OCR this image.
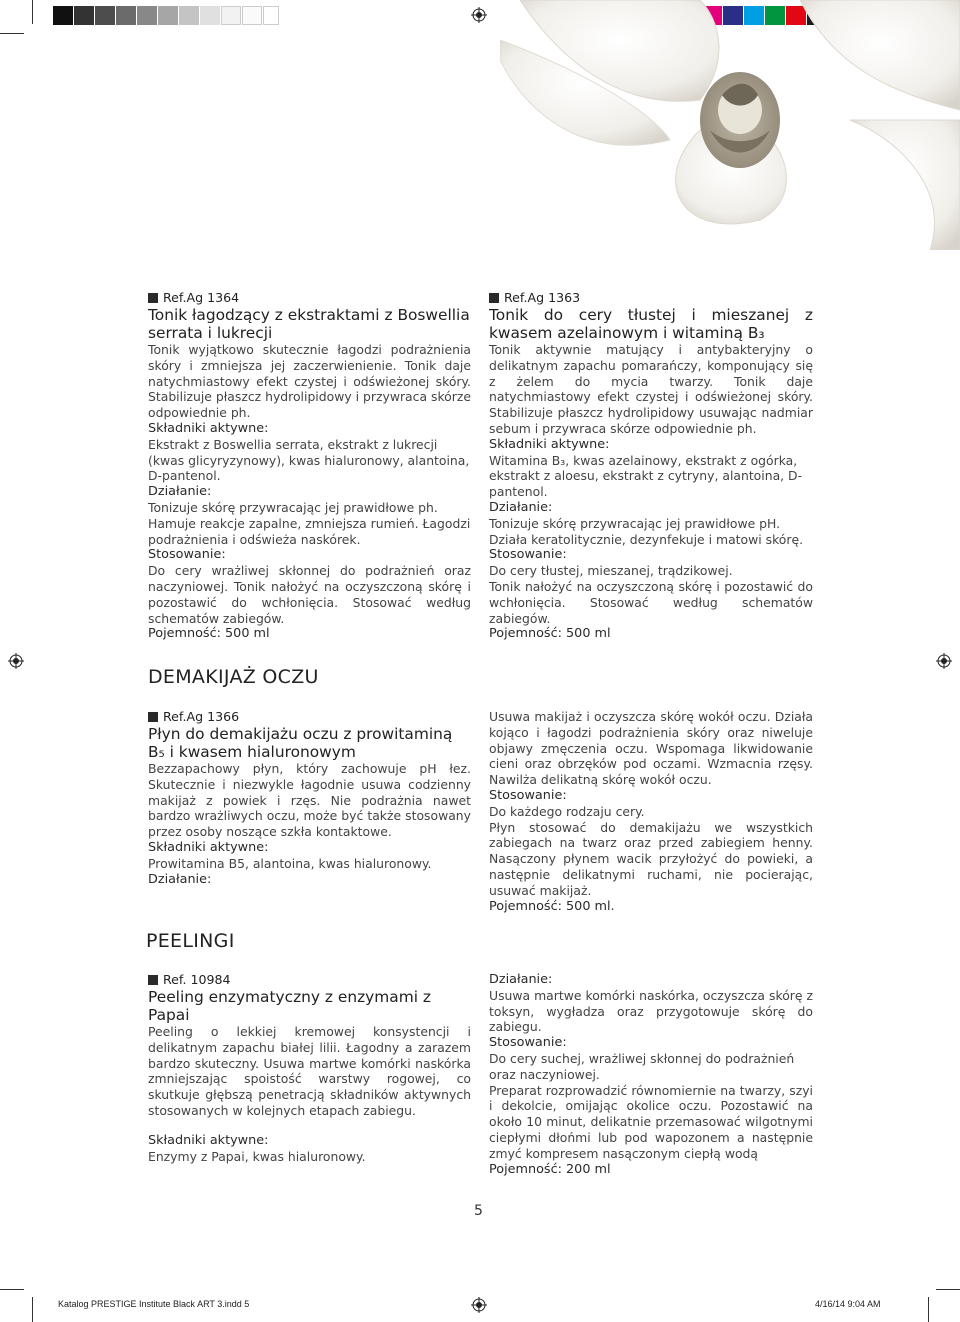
Ref.Ag 1364

Tonik łagodzący z ekstraktami z Boswellia serrata i lukrecji

Tonik wyjątkowo skutecznie łagodzi podrażnienia skóry i zmniejsza jej zaczerwienienie. Tonik daje natychmiastowy efekt czystej i odświeżonej skóry. Stabilizuje płaszcz hydrolipidowy i przywraca skórze odpowiednie ph.

Składniki aktywne:

Ekstrakt z Boswellia serrata, ekstrakt z lukrecji (kwas glicyryzynowy), kwas hialuronowy, alantoina, D-pantenol.

Działanie:

Tonizuje skórę przywracając jej prawidłowe ph. Hamuje reakcje zapalne, zmniejsza rumień. Łagodzi podrażnienia i odświeża naskórek.

Stosowanie:

Do cery wrażliwej skłonnej do podrażnień oraz naczyniowej. Tonik nałożyć na oczyszczoną skórę i pozostawić do wchłonięcia. Stosować według schematów zabiegów.

Pojemność: 500 ml

Ref.Ag 1363

Tonik do cery tłustej i mieszanej z kwasem azelainowym i witaminą B₃

Tonik aktywnie matujący i antybakteryjny o delikatnym zapachu pomarańczy, komponujący się z żelem do mycia twarzy. Tonik daje natychmiastowy efekt czystej i odświeżonej skóry. Stabilizuje płaszcz hydrolipidowy usuwając nadmiar sebum i przywraca skórze odpowiednie ph.

Składniki aktywne:

Witamina B₃, kwas azelainowy, ekstrakt z ogórka, ekstrakt z aloesu, ekstrakt z cytryny, alantoina, D- pantenol.

Działanie:

Tonizuje skórę przywracając jej prawidłowe pH. Działa keratolitycznie, dezynfekuje i matowi skórę.

Stosowanie:

Do cery tłustej, mieszanej, trądzikowej.

Tonik nałożyć na oczyszczoną skórę i pozostawić do wchłonięcia. Stosować według schematów zabiegów.

Pojemność: 500 ml

DEMAKIJAŻ OCZU
Ref.Ag 1366

Płyn do demakijażu oczu z prowitaminą B₅ i kwasem hialuronowym

Bezzapachowy płyn, który zachowuje pH łez. Skutecznie i niezwykle łagodnie usuwa codzienny makijaż z powiek i rzęs. Nie podrażnia nawet bardzo wrażliwych oczu, może być także stosowany przez osoby noszące szkła kontaktowe.

Składniki aktywne:

Prowitamina B5, alantoina, kwas hialuronowy.

Działanie:

Usuwa makijaż i oczyszcza skórę wokół oczu. Działa kojąco i łagodzi podrażnienia skóry oraz niweluje objawy zmęczenia oczu. Wspomaga likwidowanie cieni oraz obrzęków pod oczami. Wzmacnia rzęsy. Nawilża delikatną skórę wokół oczu.

Stosowanie:

Do każdego rodzaju cery.

Płyn stosować do demakijażu we wszystkich zabiegach na twarz oraz przed zabiegiem henny. Nasączony płynem wacik przyłożyć do powieki, a następnie delikatnymi ruchami, nie pocierając, usuwać makijaż.

Pojemność: 500 ml.

PEELINGI
Ref. 10984

Peeling enzymatyczny z enzymami z Papai

Peeling o lekkiej kremowej konsystencji i delikatnym zapachu białej lilii. Łagodny a zarazem bardzo skuteczny. Usuwa martwe komórki naskórka zmniejszając spoistość warstwy rogowej, co skutkuje głębszą penetracją składników aktywnych stosowanych w kolejnych etapach zabiegu.

Składniki aktywne:

Enzymy z Papai, kwas hialuronowy.

Działanie:

Usuwa martwe komórki naskórka, oczyszcza skórę z toksyn, wygładza oraz przygotowuje skórę do zabiegu.

Stosowanie:

Do cery suchej, wrażliwej skłonnej do podrażnień oraz naczyniowej.

Preparat rozprowadzić równomiernie na twarzy, szyi i dekolcie, omijając okolice oczu. Pozostawić na około 10 minut, delikatnie przemasować wilgotnymi ciepłymi dłońmi lub pod wapozonem a następnie zmyć kompresem nasączonym ciepłą wodą

Pojemność: 200 ml

5
Katalog PRESTIGE Institute Black ART 3.indd 5	4/16/14 9:04 AM
